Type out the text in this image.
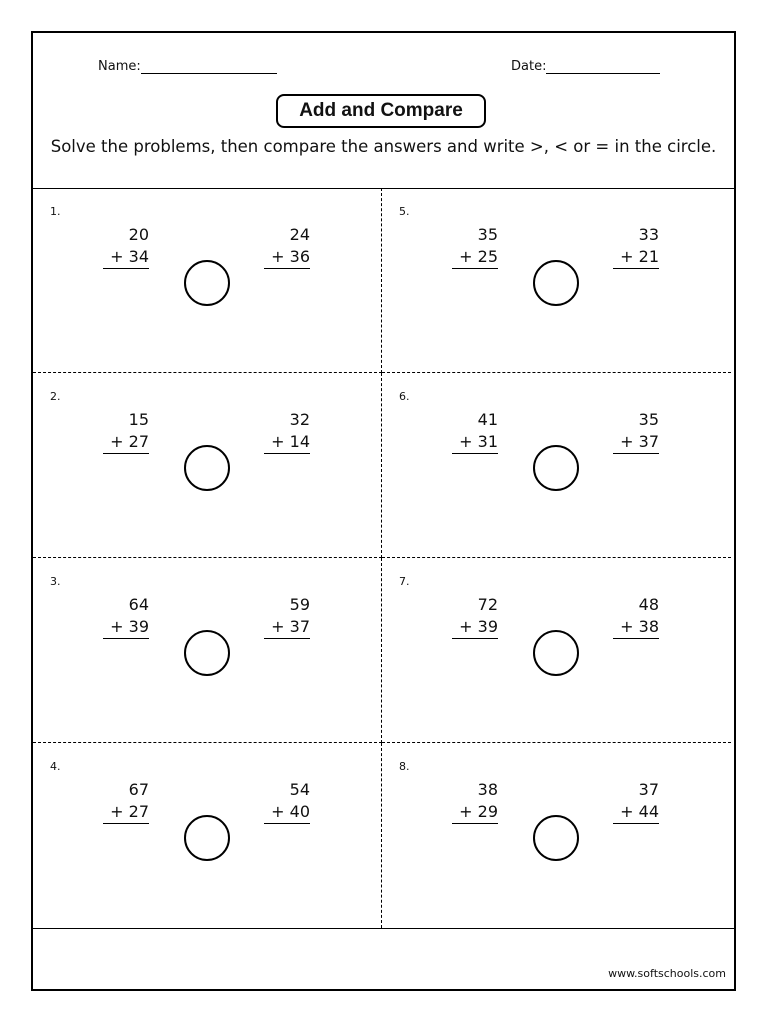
Name:	Date:
Add and Compare
Solve the problems, then compare the answers and write >, < or = in the circle.
1.
20
+ 34
24
+ 36
2.
15
+ 27
32
+ 14
3.
64
+ 39
59
+ 37
4.
67
+ 27
54
+ 40
5.
35
+ 25
33
+ 21
6.
41
+ 31
35
+ 37
7.
72
+ 39
48
+ 38
8.
38
+ 29
37
+ 44
www.softschools.com
